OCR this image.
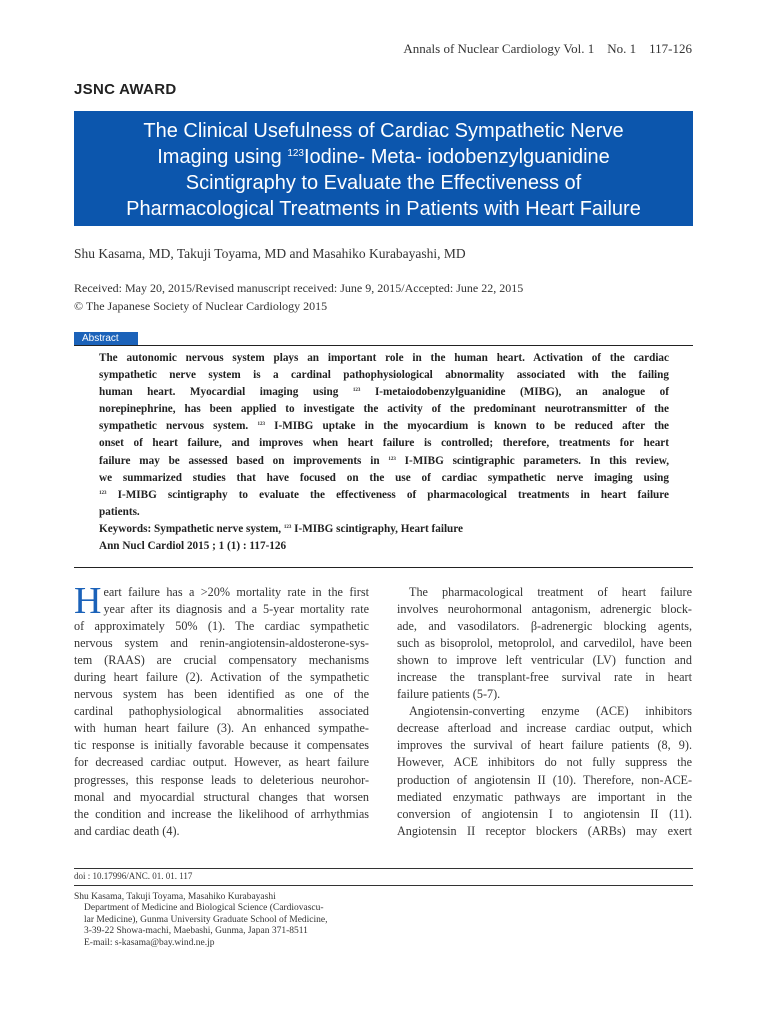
Annals of Nuclear Cardiology Vol. 1　No. 1　117-126
JSNC AWARD
The Clinical Usefulness of Cardiac Sympathetic Nerve
Imaging using $^{123}$Iodine- Meta- iodobenzylguanidine
Scintigraphy to Evaluate the Effectiveness of
Pharmacological Treatments in Patients with Heart Failure
Shu Kasama, MD, Takuji Toyama, MD and Masahiko Kurabayashi, MD
Received: May 20, 2015/Revised manuscript received: June 9, 2015/Accepted: June 22, 2015
© The Japanese Society of Nuclear Cardiology 2015
Abstract
The autonomic nervous system plays an important role in the human heart. Activation of the cardiac
sympathetic nerve system is a cardinal pathophysiological abnormality associated with the failing
human heart. Myocardial imaging using $^{123}$ I-metaiodobenzylguanidine (MIBG), an analogue of
norepinephrine, has been applied to investigate the activity of the predominant neurotransmitter of the
sympathetic nervous system. $^{123}$ I-MIBG uptake in the myocardium is known to be reduced after the
onset of heart failure, and improves when heart failure is controlled; therefore, treatments for heart
failure may be assessed based on improvements in $^{123}$ I-MIBG scintigraphic parameters. In this review,
we summarized studies that have focused on the use of cardiac sympathetic nerve imaging using
$^{123}$ I-MIBG scintigraphy to evaluate the effectiveness of pharmacological treatments in heart failure
patients.
Keywords: Sympathetic nerve system, $^{123}$ I-MIBG scintigraphy, Heart failure
Ann Nucl Cardiol 2015 ; 1 (1) : 117-126
H eart failure has a >20% mortality rate in the first
year after its diagnosis and a 5-year mortality rate
of approximately 50% (1). The cardiac sympathetic
nervous system and renin-angiotensin-aldosterone-sys-
tem (RAAS) are crucial compensatory mechanisms
during heart failure (2). Activation of the sympathetic
nervous system has been identified as one of the
cardinal pathophysiological abnormalities associated
with human heart failure (3). An enhanced sympathe-
tic response is initially favorable because it compensates
for decreased cardiac output. However, as heart failure
progresses, this response leads to deleterious neurohor-
monal and myocardial structural changes that worsen
the condition and increase the likelihood of arrhythmias
and cardiac death (4).
The pharmacological treatment of heart failure
involves neurohormonal antagonism, adrenergic block-
ade, and vasodilators. β-adrenergic blocking agents,
such as bisoprolol, metoprolol, and carvedilol, have been
shown to improve left ventricular (LV) function and
increase the transplant-free survival rate in heart
failure patients (5-7).
Angiotensin-converting enzyme (ACE) inhibitors
decrease afterload and increase cardiac output, which
improves the survival of heart failure patients (8, 9).
However, ACE inhibitors do not fully suppress the
production of angiotensin II (10). Therefore, non-ACE-
mediated enzymatic pathways are important in the
conversion of angiotensin I to angiotensin II (11).
Angiotensin II receptor blockers (ARBs) may exert
doi : 10.17996/ANC. 01. 01. 117
Shu Kasama, Takuji Toyama, Masahiko Kurabayashi
Department of Medicine and Biological Science (Cardiovascu-
lar Medicine), Gunma University Graduate School of Medicine,
3-39-22 Showa-machi, Maebashi, Gunma, Japan 371-8511
E-mail: s-kasama@bay.wind.ne.jp
